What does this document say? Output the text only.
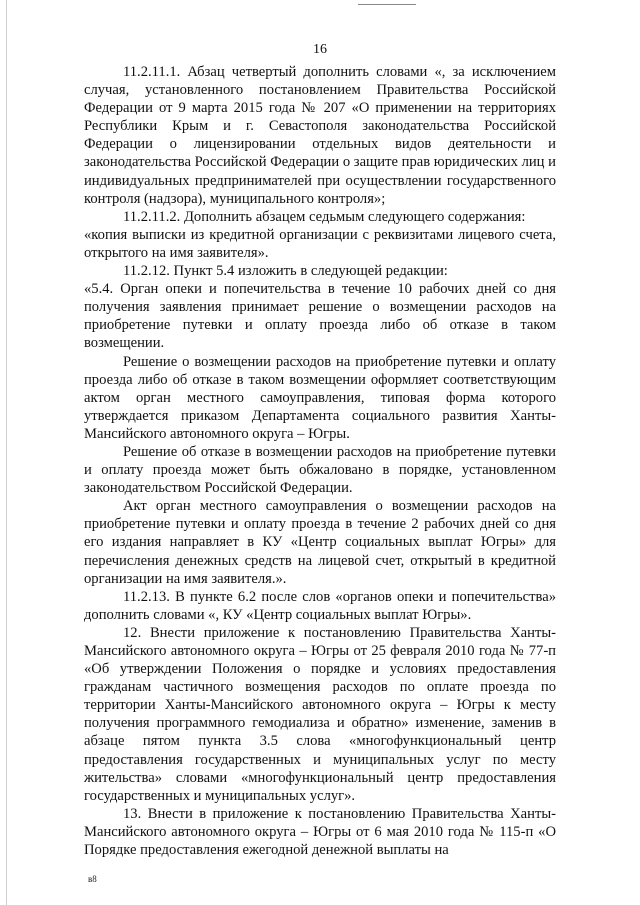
16

11.2.11.1. Абзац четвертый дополнить словами «, за исключением случая, установленного постановлением Правительства Российской Федерации от 9 марта 2015 года № 207 «О применении на территориях Республики Крым и г. Севастополя законодательства Российской Федерации о лицензировании отдельных видов деятельности и законодательства Российской Федерации о защите прав юридических лиц и индивидуальных предпринимателей при осуществлении государственного контроля (надзора), муниципального контроля»;

11.2.11.2. Дополнить абзацем седьмым следующего содержания:

«копия выписки из кредитной организации с реквизитами лицевого счета, открытого на имя заявителя».

11.2.12. Пункт 5.4 изложить в следующей редакции:

«5.4. Орган опеки и попечительства в течение 10 рабочих дней со дня получения заявления принимает решение о возмещении расходов на приобретение путевки и оплату проезда либо об отказе в таком возмещении.

Решение о возмещении расходов на приобретение путевки и оплату проезда либо об отказе в таком возмещении оформляет соответствующим актом орган местного самоуправления, типовая форма которого утверждается приказом Департамента социального развития Ханты-Мансийского автономного округа – Югры.

Решение об отказе в возмещении расходов на приобретение путевки и оплату проезда может быть обжаловано в порядке, установленном законодательством Российской Федерации.

Акт орган местного самоуправления о возмещении расходов на приобретение путевки и оплату проезда в течение 2 рабочих дней со дня его издания направляет в КУ «Центр социальных выплат Югры» для перечисления денежных средств на лицевой счет, открытый в кредитной организации на имя заявителя.».

11.2.13. В пункте 6.2 после слов «органов опеки и попечительства» дополнить словами «, КУ «Центр социальных выплат Югры».

12. Внести приложение к постановлению Правительства Ханты-Мансийского автономного округа – Югры от 25 февраля 2010 года № 77-п «Об утверждении Положения о порядке и условиях предоставления гражданам частичного возмещения расходов по оплате проезда по территории Ханты-Мансийского автономного округа – Югры к месту получения программного гемодиализа и обратно» изменение, заменив в абзаце пятом пункта 3.5 слова «многофункциональный центр предоставления государственных и муниципальных услуг по месту жительства» словами «многофункциональный центр предоставления государственных и муниципальных услуг».

13. Внести в приложение к постановлению Правительства Ханты-Мансийского автономного округа – Югры от 6 мая 2010 года № 115-п «О Порядке предоставления ежегодной денежной выплаты на

в8
